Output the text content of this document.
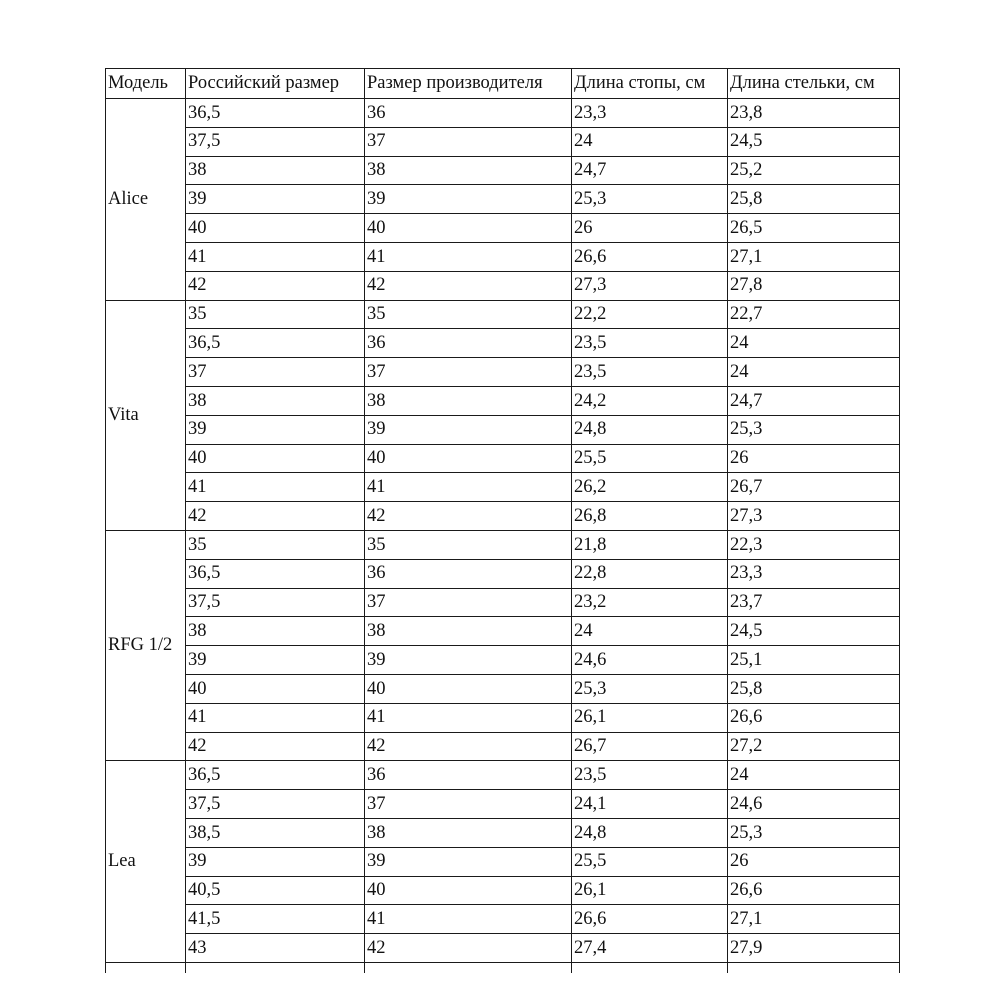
Модель	Российский размер	Размер производителя	Длина стопы, см	Длина стельки, см
Alice	36,5	36	23,3	23,8
	37,5	37	24	24,5
	38	38	24,7	25,2
	39	39	25,3	25,8
	40	40	26	26,5
	41	41	26,6	27,1
	42	42	27,3	27,8
Vita	35	35	22,2	22,7
	36,5	36	23,5	24
	37	37	23,5	24
	38	38	24,2	24,7
	39	39	24,8	25,3
	40	40	25,5	26
	41	41	26,2	26,7
	42	42	26,8	27,3
RFG 1/2	35	35	21,8	22,3
	36,5	36	22,8	23,3
	37,5	37	23,2	23,7
	38	38	24	24,5
	39	39	24,6	25,1
	40	40	25,3	25,8
	41	41	26,1	26,6
	42	42	26,7	27,2
Lea	36,5	36	23,5	24
	37,5	37	24,1	24,6
	38,5	38	24,8	25,3
	39	39	25,5	26
	40,5	40	26,1	26,6
	41,5	41	26,6	27,1
	43	42	27,4	27,9
